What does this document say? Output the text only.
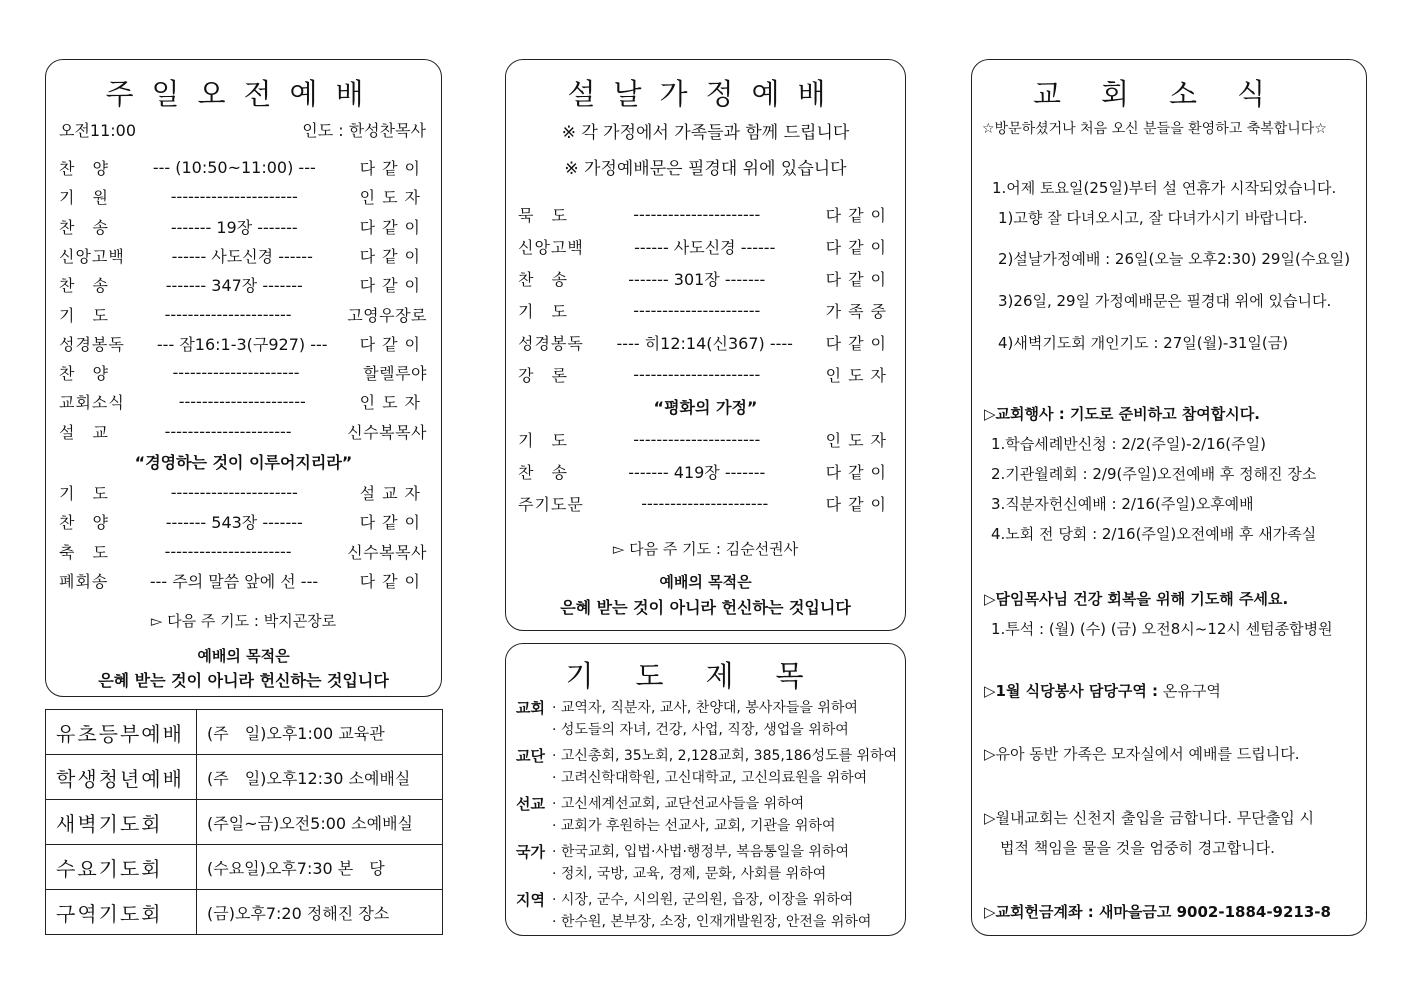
주일오전예배
오전11:00	인도 : 한성찬목사
찬　양	--- (10:50~11:00) ---	다같이
기　원	----------------------	인도자
찬　송	------- 19장 -------	다같이
신앙고백	------ 사도신경 ------	다같이
찬　송	------- 347장 -------	다같이
기　도	----------------------	고영우장로
성경봉독	--- 잠16:1-3(구927) ---	다같이
찬　양	----------------------	할렐루야
교회소식	----------------------	인도자
설　교	----------------------	신수복목사
“경영하는 것이 이루어지리라”
기　도	----------------------	설교자
찬　양	------- 543장 -------	다같이
축　도	----------------------	신수복목사
폐회송	--- 주의 말씀 앞에 선 ---	다같이
▻ 다음 주 기도 : 박지곤장로
예배의 목적은
은혜 받는 것이 아니라 헌신하는 것입니다
유초등부예배	(주　일)오후1:00 교육관
학생청년예배	(주　일)오후12:30 소예배실
새벽기도회	(주일~금)오전5:00 소예배실
수요기도회	(수요일)오후7:30 본　당
구역기도회	(금)오후7:20 정해진 장소
설날가정예배
※ 각 가정에서 가족들과 함께 드립니다
※ 가정예배문은 필경대 위에 있습니다
묵　도	----------------------	다같이
신앙고백	------ 사도신경 ------	다같이
찬　송	------- 301장 -------	다같이
기　도	----------------------	가족중
성경봉독	---- 히12:14(신367) ----	다같이
강　론	----------------------	인도자
“평화의 가정”
기　도	----------------------	인도자
찬　송	------- 419장 -------	다같이
주기도문	----------------------	다같이
▻ 다음 주 기도 : 김순선권사
예배의 목적은
은혜 받는 것이 아니라 헌신하는 것입니다
기도제목
교회 · 교역자, 직분자, 교사, 찬양대, 봉사자들을 위하여
· 성도들의 자녀, 건강, 사업, 직장, 생업을 위하여
교단 · 고신총회, 35노회, 2,128교회, 385,186성도를 위하여
· 고려신학대학원, 고신대학교, 고신의료원을 위하여
선교 · 고신세계선교회, 교단선교사들을 위하여
· 교회가 후원하는 선교사, 교회, 기관을 위하여
국가 · 한국교회, 입법·사법·행정부, 복음통일을 위하여
· 정치, 국방, 교육, 경제, 문화, 사회를 위하여
지역 · 시장, 군수, 시의원, 군의원, 읍장, 이장을 위하여
· 한수원, 본부장, 소장, 인재개발원장, 안전을 위하여
교회소식
☆방문하셨거나 처음 오신 분들을 환영하고 축복합니다☆
1.어제 토요일(25일)부터 설 연휴가 시작되었습니다.
1)고향 잘 다녀오시고, 잘 다녀가시기 바랍니다.
2)설날가정예배 : 26일(오늘 오후2:30) 29일(수요일)
3)26일, 29일 가정예배문은 필경대 위에 있습니다.
4)새벽기도회 개인기도 : 27일(월)-31일(금)
▷교회행사 : 기도로 준비하고 참여합시다.
1.학습세례반신청 : 2/2(주일)-2/16(주일)
2.기관월례회 : 2/9(주일)오전예배 후 정해진 장소
3.직분자헌신예배 : 2/16(주일)오후예배
4.노회 전 당회 : 2/16(주일)오전예배 후 새가족실
▷담임목사님 건강 회복을 위해 기도해 주세요.
1.투석 : (월) (수) (금) 오전8시~12시 센텀종합병원
▷1월 식당봉사 담당구역 : 온유구역
▷유아 동반 가족은 모자실에서 예배를 드립니다.
▷월내교회는 신천지 출입을 금합니다. 무단출입 시
법적 책임을 물을 것을 엄중히 경고합니다.
▷교회헌금계좌 : 새마을금고 9002-1884-9213-8
